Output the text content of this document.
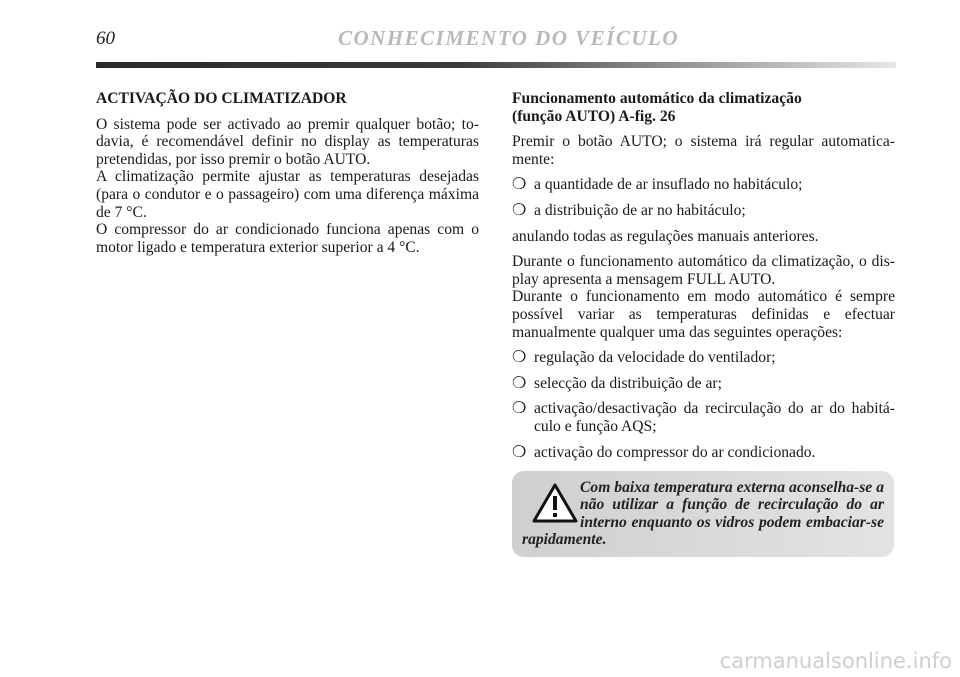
60	CONHECIMENTO DO VEÍCULO

ACTIVAÇÃO DO CLIMATIZADOR

O sistema pode ser activado ao premir qualquer botão; todavia, é recomendável definir no display as temperaturas pretendidas, por isso premir o botão AUTO.

A climatização permite ajustar as temperaturas desejadas (para o condutor e o passageiro) com uma diferença máxima de 7 °C.

O compressor do ar condicionado funciona apenas com o motor ligado e temperatura exterior superior a 4 °C.

Funcionamento automático da climatização
(função AUTO) A-fig. 26

Premir o botão AUTO; o sistema irá regular automaticamente:

❍ a quantidade de ar insuflado no habitáculo;
❍ a distribuição de ar no habitáculo;

anulando todas as regulações manuais anteriores.

Durante o funcionamento automático da climatização, o display apresenta a mensagem FULL AUTO.

Durante o funcionamento em modo automático é sempre possível variar as temperaturas definidas e efectuar manualmente qualquer uma das seguintes operações:

❍ regulação da velocidade do ventilador;
❍ selecção da distribuição de ar;
❍ activação/desactivação da recirculação do ar do habitáculo e função AQS;
❍ activação do compressor do ar condicionado.
Com baixa temperatura externa aconselha-se a não utilizar a função de recirculação do ar interno enquanto os vidros podem embaciar-se rapidamente.
carmanualsonline.info
